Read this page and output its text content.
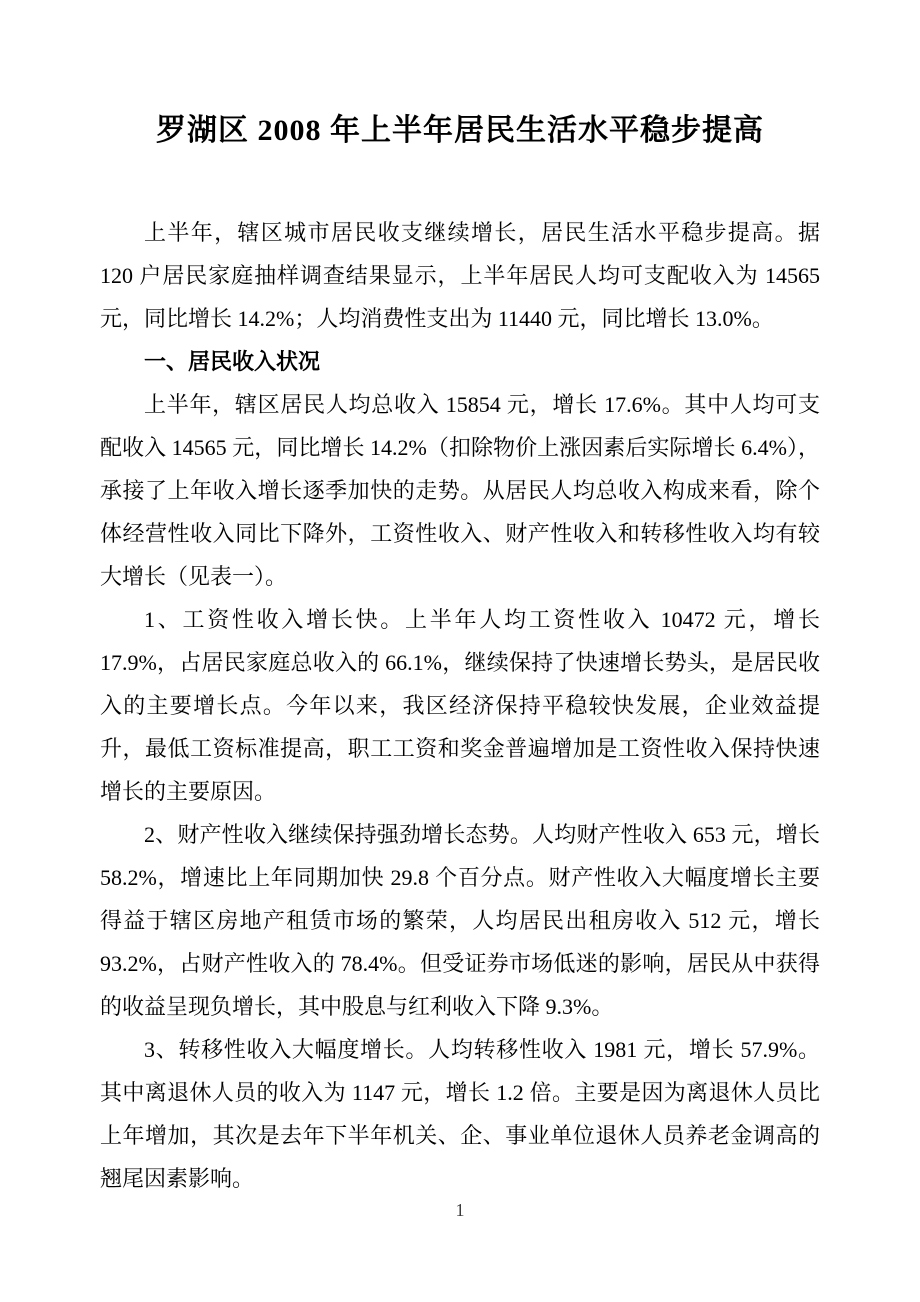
罗湖区 2008 年上半年居民生活水平稳步提高

上半年，辖区城市居民收支继续增长，居民生活水平稳步提高。据 120 户居民家庭抽样调查结果显示，上半年居民人均可支配收入为 14565 元，同比增长 14.2%；人均消费性支出为 11440 元，同比增长 13.0%。

一、居民收入状况

上半年，辖区居民人均总收入 15854 元，增长 17.6%。其中人均可支配收入 14565 元，同比增长 14.2%（扣除物价上涨因素后实际增长 6.4%），承接了上年收入增长逐季加快的走势。从居民人均总收入构成来看，除个体经营性收入同比下降外，工资性收入、财产性收入和转移性收入均有较大增长（见表一）。

1、工资性收入增长快。上半年人均工资性收入 10472 元，增长 17.9%，占居民家庭总收入的 66.1%，继续保持了快速增长势头，是居民收入的主要增长点。今年以来，我区经济保持平稳较快发展，企业效益提升，最低工资标准提高，职工工资和奖金普遍增加是工资性收入保持快速增长的主要原因。

2、财产性收入继续保持强劲增长态势。人均财产性收入 653 元，增长 58.2%，增速比上年同期加快 29.8 个百分点。财产性收入大幅度增长主要得益于辖区房地产租赁市场的繁荣，人均居民出租房收入 512 元，增长 93.2%，占财产性收入的 78.4%。但受证券市场低迷的影响，居民从中获得的收益呈现负增长，其中股息与红利收入下降 9.3%。

3、转移性收入大幅度增长。人均转移性收入 1981 元，增长 57.9%。其中离退休人员的收入为 1147 元，增长 1.2 倍。主要是因为离退休人员比上年增加，其次是去年下半年机关、企、事业单位退休人员养老金调高的翘尾因素影响。

1
